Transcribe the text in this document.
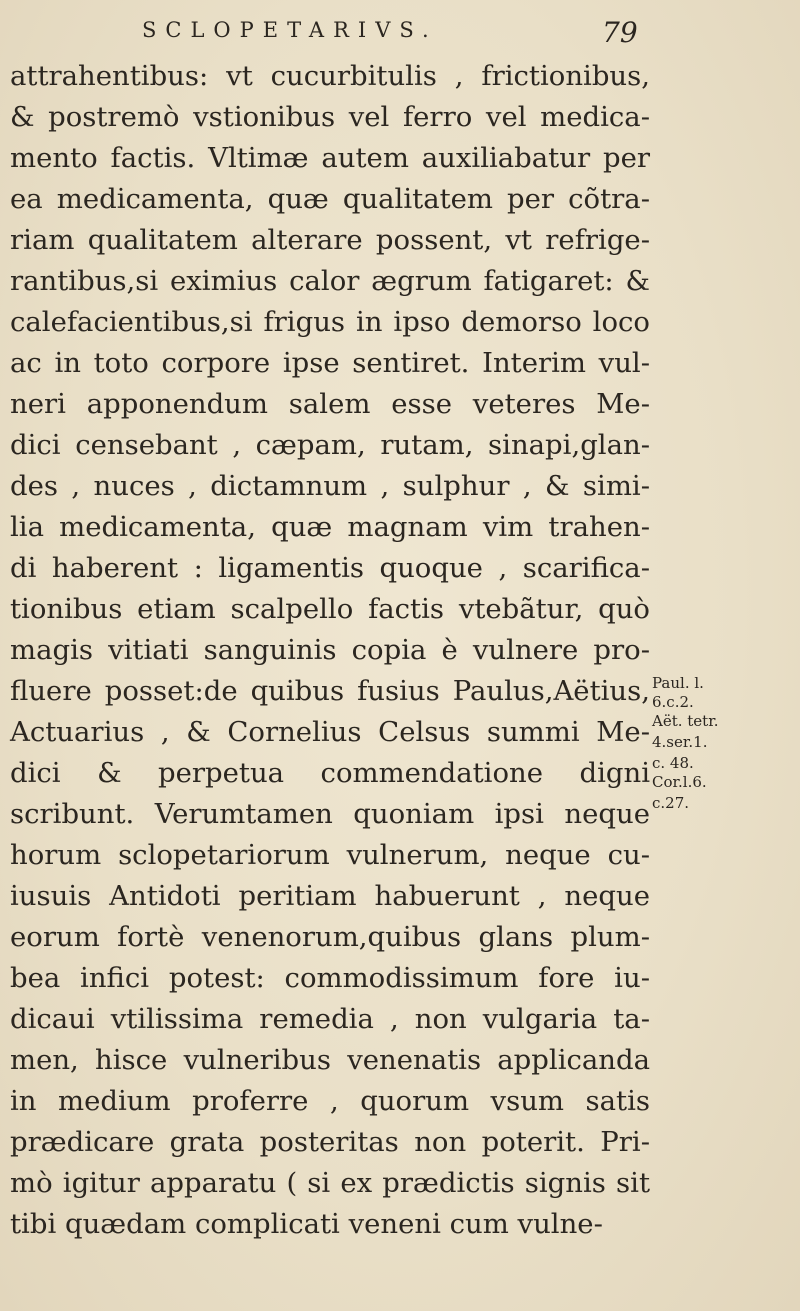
SCLOPETARIVS.	79
attrahentibus: vt cucurbitulis , frictionibus,
& postremò vstionibus vel ferro vel medica-
mento factis. Vltimæ autem auxiliabatur per
ea medicamenta, quæ qualitatem per cõtra-
riam qualitatem alterare possent, vt refrige-
rantibus,si eximius calor ægrum fatigaret: &
calefacientibus,si frigus in ipso demorso loco
ac in toto corpore ipse sentiret. Interim vul-
neri apponendum salem esse veteres Me-
dici censebant , cæpam, rutam, sinapi,glan-
des , nuces , dictamnum , sulphur , & simi-
lia medicamenta, quæ magnam vim trahen-
di haberent : ligamentis quoque , scarifica-
tionibus etiam scalpello factis vtebãtur, quò
magis vitiati sanguinis copia è vulnere pro-
fluere posset:de quibus fusius Paulus,Aëtius,
Actuarius , & Cornelius Celsus summi Me-
dici & perpetua commendatione digni
scribunt. Verumtamen quoniam ipsi neque
horum sclopetariorum vulnerum, neque cu-
iusuis Antidoti peritiam habuerunt , neque
eorum fortè venenorum,quibus glans plum-
bea infici potest: commodissimum fore iu-
dicaui vtilissima remedia , non vulgaria ta-
men, hisce vulneribus venenatis applicanda
in medium proferre , quorum vsum satis
prædicare grata posteritas non poterit. Pri-
mò igitur apparatu ( si ex prædictis signis sit
tibi quædam complicati veneni cum vulne-
Paul. l.
6.c.2.
Aët. tetr.
4.ser.1.
c. 48.
Cor.l.6.
c.27.
